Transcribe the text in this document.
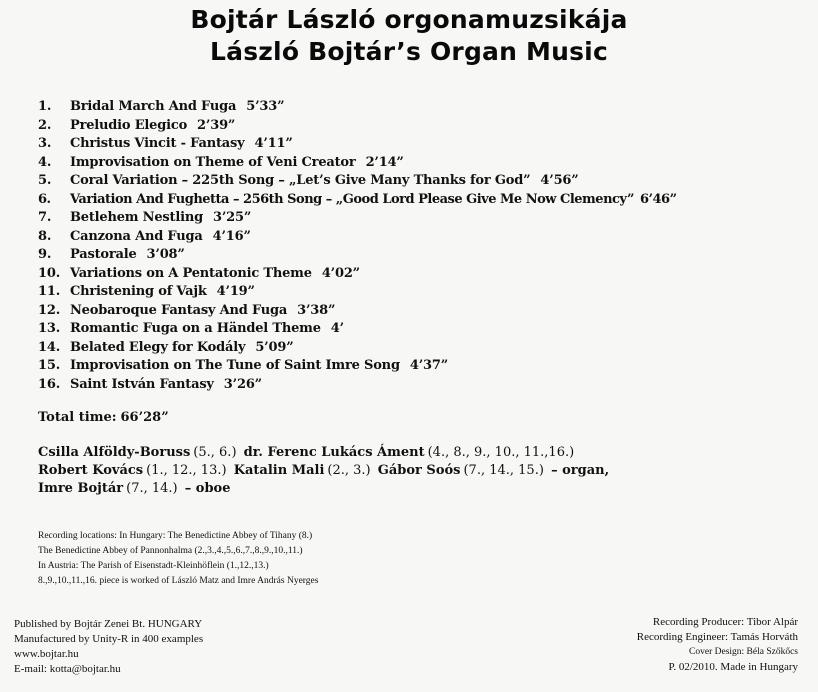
Bojtár László orgonamuzsikája
László Bojtár’s Organ Music
1.	Bridal March And Fuga 5’33”
2.	Preludio Elegico 2’39”
3.	Christus Vincit - Fantasy 4’11”
4.	Improvisation on Theme of Veni Creator 2’14”
5.	Coral Variation – 225th Song – „Let’s Give Many Thanks for God” 4’56”
6.	Variation And Fughetta – 256th Song – „Good Lord Please Give Me Now Clemency” 6’46”
7.	Betlehem Nestling 3’25”
8.	Canzona And Fuga 4’16”
9.	Pastorale 3’08”
10. Variations on A Pentatonic Theme 4’02”
11. Christening of Vajk 4’19”
12. Neobaroque Fantasy And Fuga 3’38”
13. Romantic Fuga on a Händel Theme 4’
14. Belated Elegy for Kodály 5’09”
15. Improvisation on The Tune of Saint Imre Song 4’37”
16. Saint István Fantasy 3’26”
Total time: 66’28”
Csilla Alföldy-Boruss (5., 6.) dr. Ferenc Lukács Áment (4., 8., 9., 10., 11.,16.)
Robert Kovács (1., 12., 13.) Katalin Mali (2., 3.) Gábor Soós (7., 14., 15.) – organ,
Imre Bojtár (7., 14.) – oboe
Recording locations: In Hungary: The Benedictine Abbey of Tihany (8.)
The Benedictine Abbey of Pannonhalma (2.,3.,4.,5.,6.,7.,8.,9.,10.,11.)
In Austria: The Parish of Eisenstadt-Kleinhöflein (1.,12.,13.)
8.,9.,10.,11.,16. piece is worked of László Matz and Imre András Nyerges
Published by Bojtár Zenei Bt. HUNGARY
Manufactured by Unity-R in 400 examples
www.bojtar.hu
E-mail: kotta@bojtar.hu
Recording Producer: Tibor Alpár
Recording Engineer: Tamás Horváth
Cover Design: Béla Szőkőcs
P. 02/2010. Made in Hungary
